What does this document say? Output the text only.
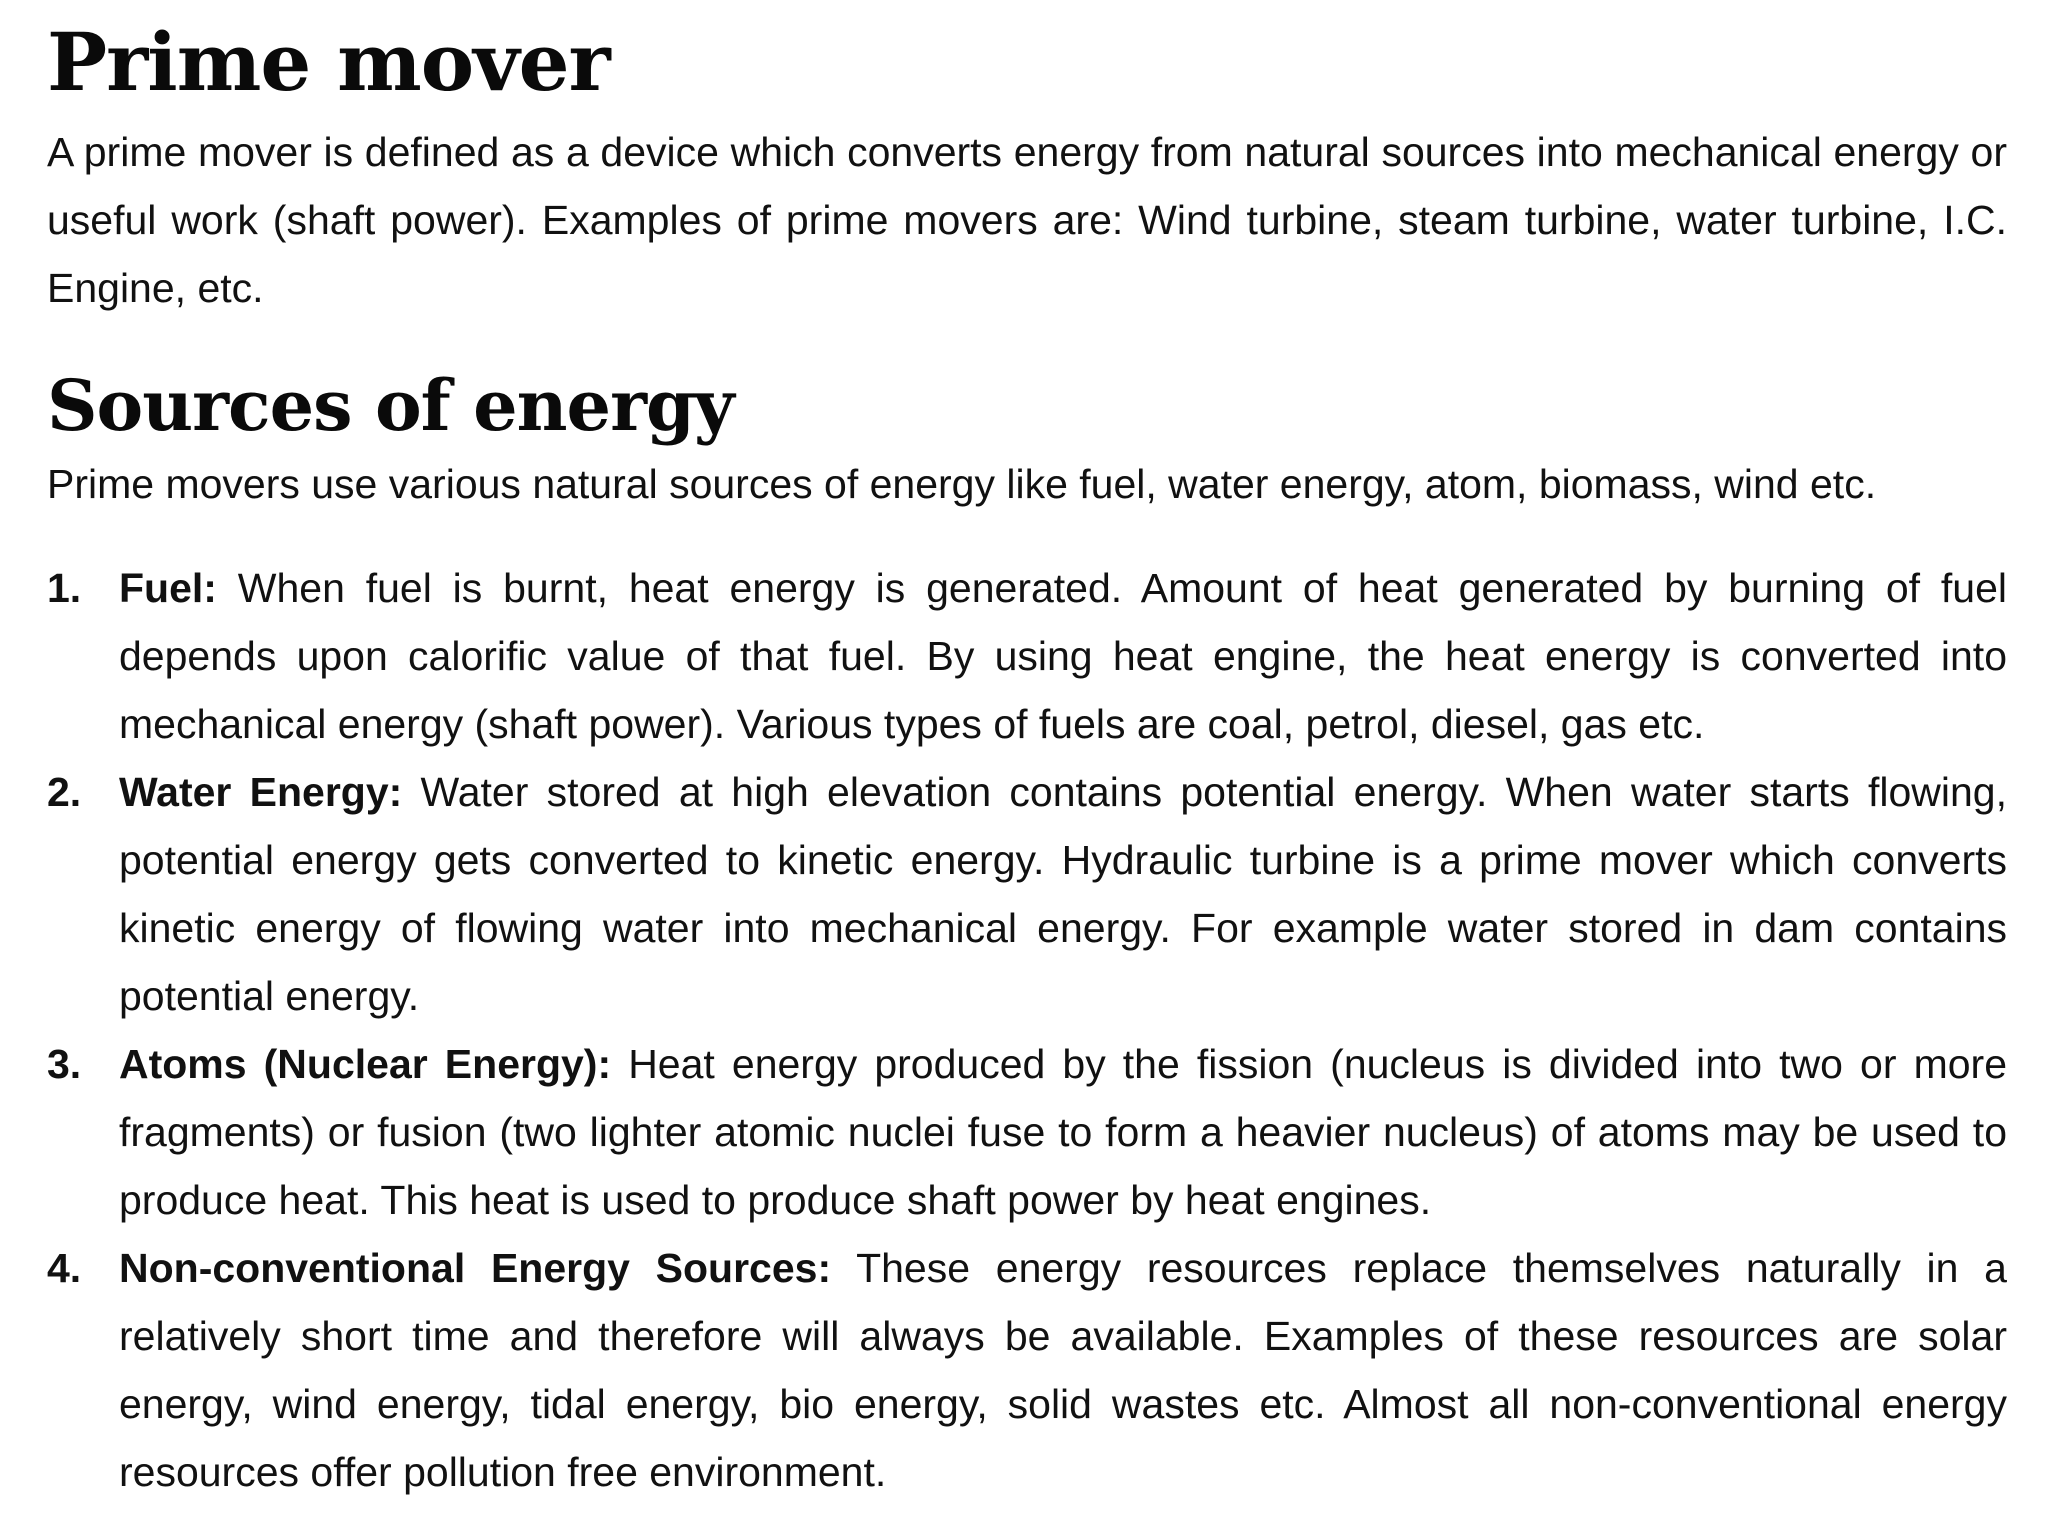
Prime mover

A prime mover is defined as a device which converts energy from natural sources into mechanical energy or useful work (shaft power). Examples of prime movers are: Wind turbine, steam turbine, water turbine, I.C. Engine, etc.

Sources of energy

Prime movers use various natural sources of energy like fuel, water energy, atom, biomass, wind etc.

1. Fuel: When fuel is burnt, heat energy is generated. Amount of heat generated by burning of fuel depends upon calorific value of that fuel. By using heat engine, the heat energy is converted into mechanical energy (shaft power). Various types of fuels are coal, petrol, diesel, gas etc.
2. Water Energy: Water stored at high elevation contains potential energy. When water starts flowing, potential energy gets converted to kinetic energy. Hydraulic turbine is a prime mover which converts kinetic energy of flowing water into mechanical energy. For example water stored in dam contains potential energy.
3. Atoms (Nuclear Energy): Heat energy produced by the fission (nucleus is divided into two or more fragments) or fusion (two lighter atomic nuclei fuse to form a heavier nucleus) of atoms may be used to produce heat. This heat is used to produce shaft power by heat engines.
4. Non-conventional Energy Sources: These energy resources replace themselves naturally in a relatively short time and therefore will always be available. Examples of these resources are solar energy, wind energy, tidal energy, bio energy, solid wastes etc. Almost all non-conventional energy resources offer pollution free environment.
